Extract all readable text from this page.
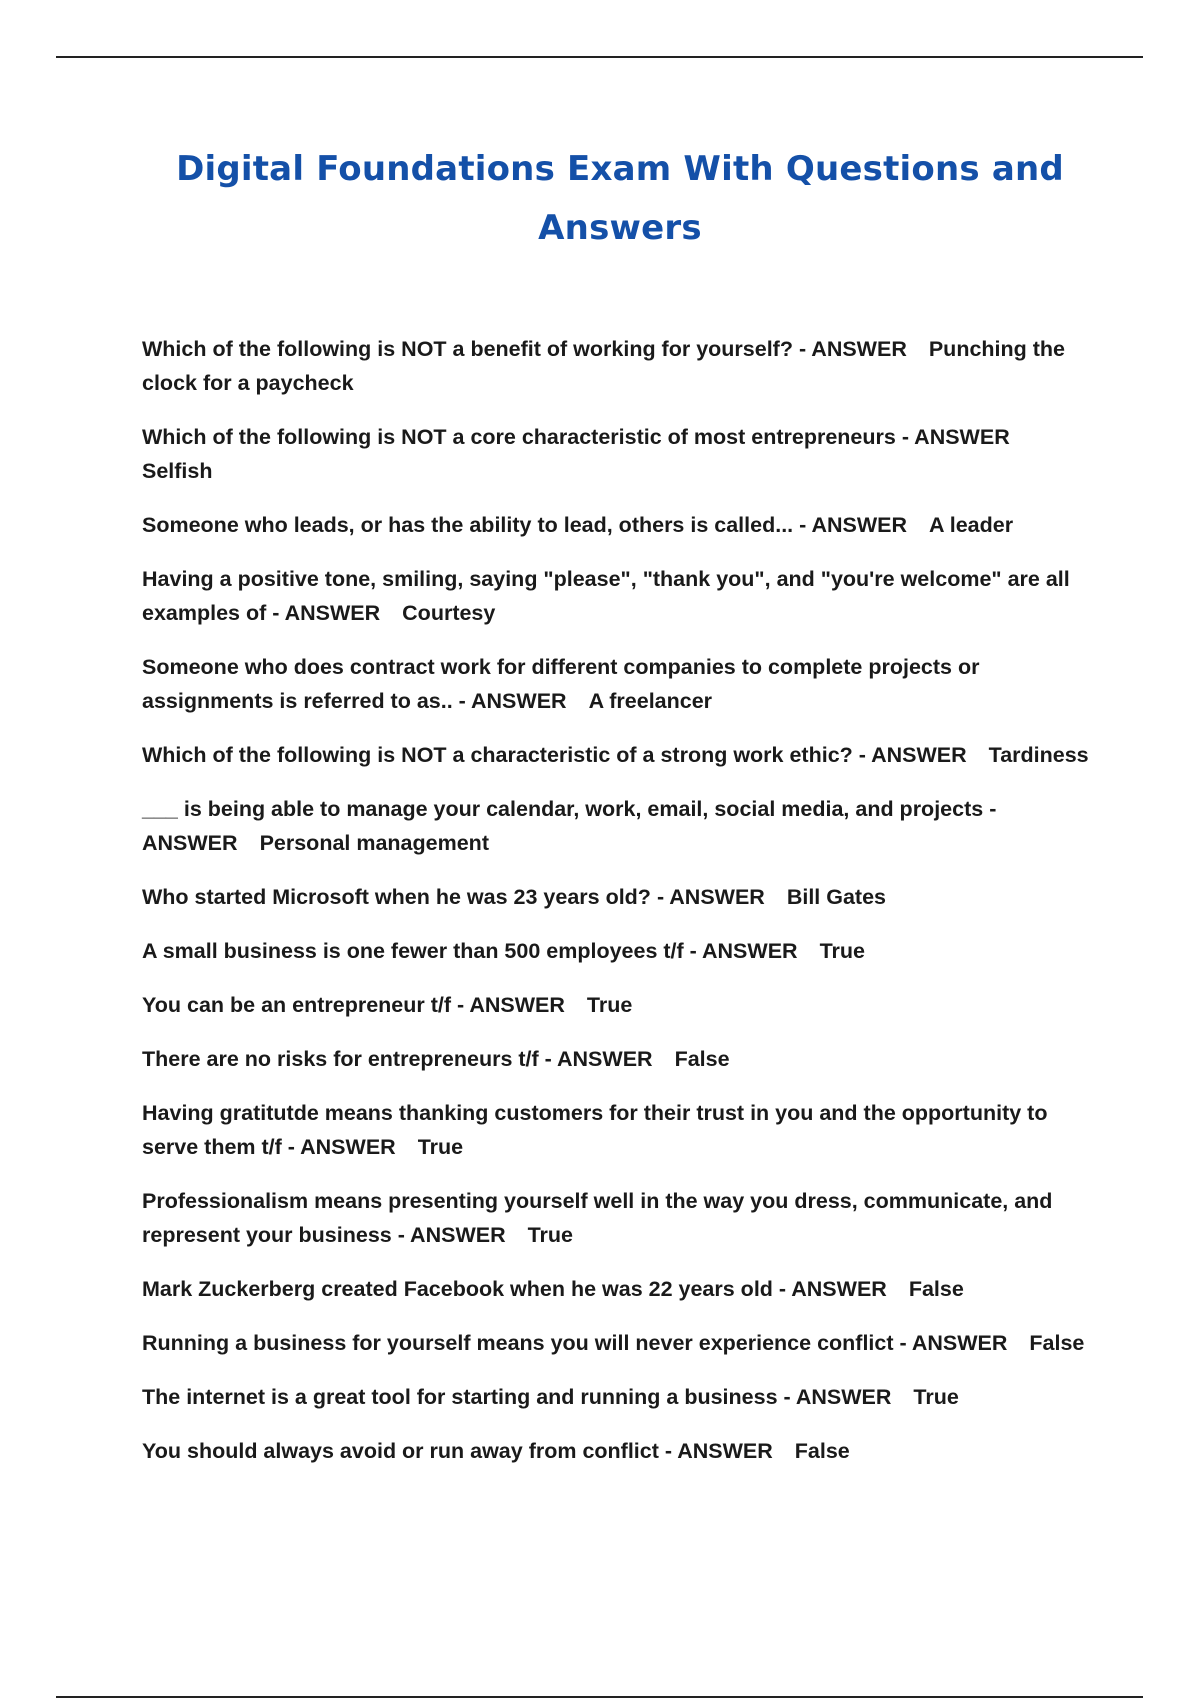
Digital Foundations Exam With Questions and Answers
Which of the following is NOT a benefit of working for yourself? - ANSWER Punching the clock for a paycheck
Which of the following is NOT a core characteristic of most entrepreneurs - ANSWERSelfish
Someone who leads, or has the ability to lead, others is called... - ANSWER A leader
Having a positive tone, smiling, saying "please", "thank you", and "you're welcome" are all examples of - ANSWER Courtesy
Someone who does contract work for different companies to complete projects or assignments is referred to as.. - ANSWER A freelancer
Which of the following is NOT a characteristic of a strong work ethic? - ANSWER Tardiness
___ is being able to manage your calendar, work, email, social media, and projects - ANSWER Personal management
Who started Microsoft when he was 23 years old? - ANSWER Bill Gates
A small business is one fewer than 500 employees t/f - ANSWER True
You can be an entrepreneur t/f - ANSWER True
There are no risks for entrepreneurs t/f - ANSWER False
Having gratitutde means thanking customers for their trust in you and the opportunity to serve them t/f - ANSWER True
Professionalism means presenting yourself well in the way you dress, communicate, and represent your business - ANSWER True
Mark Zuckerberg created Facebook when he was 22 years old - ANSWER False
Running a business for yourself means you will never experience conflict - ANSWER False
The internet is a great tool for starting and running a business - ANSWER True
You should always avoid or run away from conflict - ANSWER False
